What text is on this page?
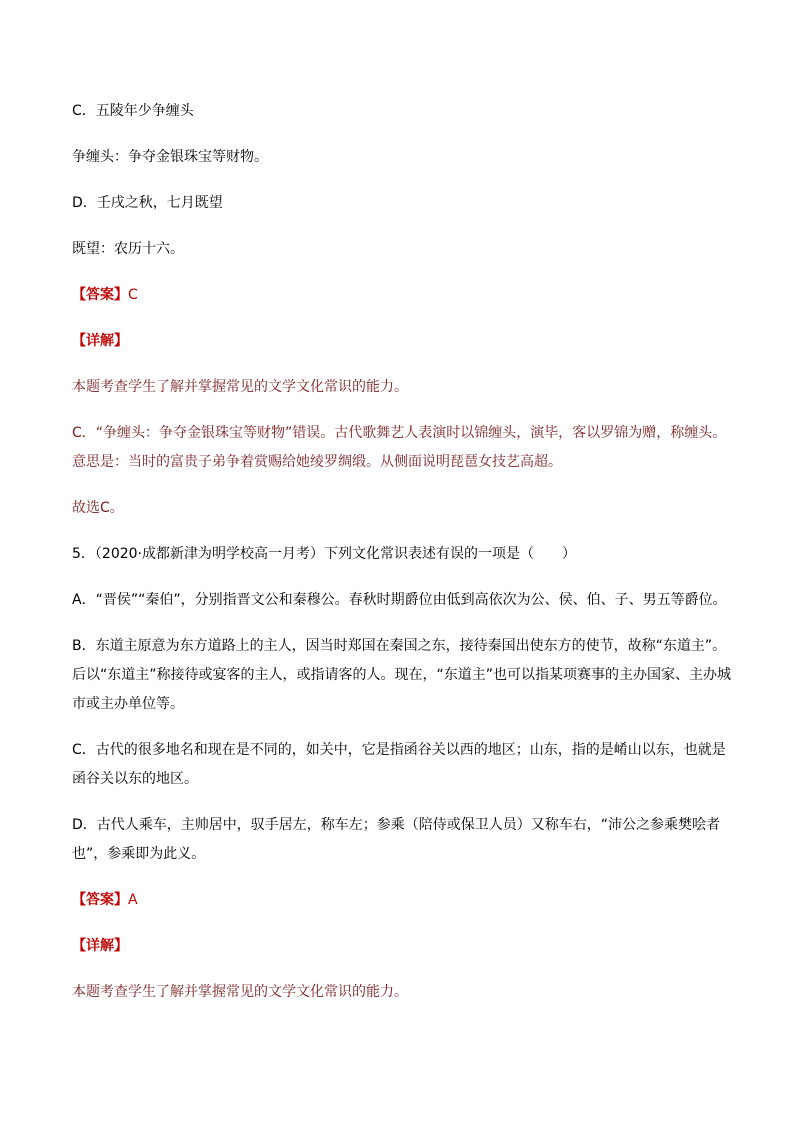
C．五陵年少争缠头

争缠头：争夺金银珠宝等财物。

D．壬戌之秋，七月既望

既望：农历十六。

【答案】C

【详解】

本题考查学生了解并掌握常见的文学文化常识的能力。

C．“争缠头：争夺金银珠宝等财物”错误。古代歌舞艺人表演时以锦缠头，演毕，客以罗锦为赠，称缠头。

意思是：当时的富贵子弟争着赏赐给她绫罗绸缎。从侧面说明琵琶女技艺高超。

故选C。

5．（2020·成都新津为明学校高一月考）下列文化常识表述有误的一项是（　　）

A．“晋侯”“秦伯”，分别指晋文公和秦穆公。春秋时期爵位由低到高依次为公、侯、伯、子、男五等爵位。

B．东道主原意为东方道路上的主人，因当时郑国在秦国之东，接待秦国出使东方的使节，故称“东道主”。

后以“东道主”称接待或宴客的主人，或指请客的人。现在，“东道主”也可以指某项赛事的主办国家、主办城

市或主办单位等。

C．古代的很多地名和现在是不同的，如关中，它是指函谷关以西的地区；山东，指的是崤山以东，也就是

函谷关以东的地区。

D．古代人乘车，主帅居中，驭手居左，称车左；参乘（陪侍或保卫人员）又称车右，“沛公之参乘樊哙者

也”，参乘即为此义。

【答案】A

【详解】

本题考查学生了解并掌握常见的文学文化常识的能力。
